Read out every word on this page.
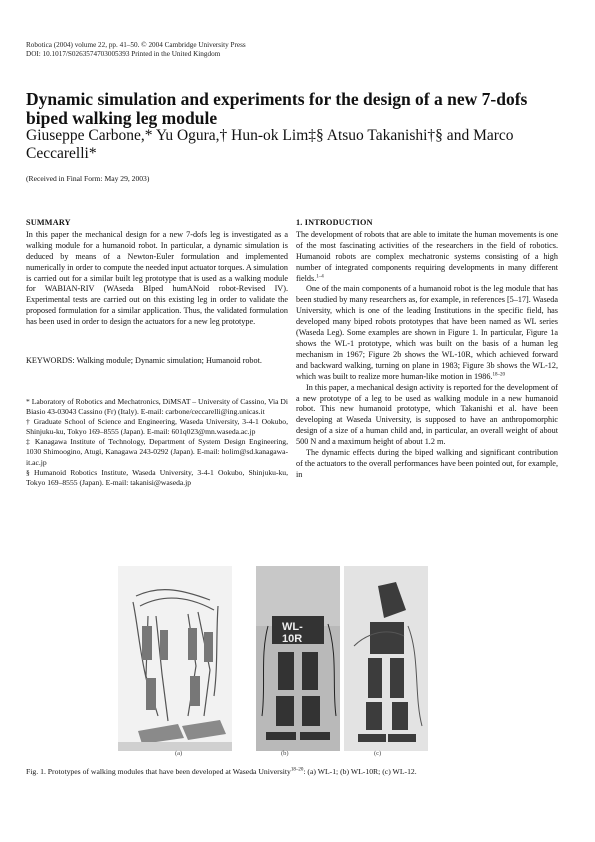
Robotica (2004) volume 22, pp. 41–50. © 2004 Cambridge University Press
DOI: 10.1017/S0263574703005393 Printed in the United Kingdom
Dynamic simulation and experiments for the design of a new 7-dofs biped walking leg module
Giuseppe Carbone,* Yu Ogura,† Hun-ok Lim‡§ Atsuo Takanishi†§ and Marco Ceccarelli*
(Received in Final Form: May 29, 2003)
SUMMARY

In this paper the mechanical design for a new 7-dofs leg is investigated as a walking module for a humanoid robot. In particular, a dynamic simulation is deduced by means of a Newton-Euler formulation and implemented numerically in order to compute the needed input actuator torques. A simulation is carried out for a similar built leg prototype that is used as a walking module for WABIAN-RIV (WAseda BIped humANoid robot-Revised IV). Experimental tests are carried out on this existing leg in order to validate the proposed formulation for a similar application. Thus, the validated formulation has been used in order to design the actuators for a new leg prototype.

KEYWORDS: Walking module; Dynamic simulation; Humanoid robot.

* Laboratory of Robotics and Mechatronics, DiMSAT – University of Cassino, Via Di Biasio 43-03043 Cassino (Fr) (Italy). E-mail: carbone/ceccarelli@ing.unicas.it
† Graduate School of Science and Engineering, Waseda University, 3-4-1 Ookubo, Shinjuku-ku, Tokyo 169–8555 (Japan). E-mail: 601q023@mn.waseda.ac.jp
‡ Kanagawa Institute of Technology, Department of System Design Engineering, 1030 Shimoogino, Atugi, Kanagawa 243-0292 (Japan). E-mail: holim@sd.kanagawa-it.ac.jp
§ Humanoid Robotics Institute, Waseda University, 3-4-1 Ookubo, Shinjuku-ku, Tokyo 169–8555 (Japan). E-mail: takanisi@waseda.jp
1. INTRODUCTION

The development of robots that are able to imitate the human movements is one of the most fascinating activities of the researchers in the field of robotics. Humanoid robots are complex mechatronic systems consisting of a high number of integrated components requiring developments in many different fields.$^{1-4}$

One of the main components of a humanoid robot is the leg module that has been studied by many researchers as, for example, in references [5–17]. Waseda University, which is one of the leading Institutions in the specific field, has developed many biped robots prototypes that have been named as WL series (Waseda Leg). Some examples are shown in Figure 1. In particular, Figure 1a shows the WL-1 prototype, which was built on the basis of a human leg mechanism in 1967; Figure 2b shows the WL-10R, which achieved forward and backward walking, turning on plane in 1983; Figure 3b shows the WL-12, which was built to realize more human-like motion in 1986.$^{18-20}$

In this paper, a mechanical design activity is reported for the development of a new prototype of a leg to be used as walking module in a new humanoid robot. This new humanoid prototype, which Takanishi et al. have been developing at Waseda University, is supposed to have an anthropomorphic design of a size of a human child and, in particular, an overall weight of about 500 N and a maximum height of about 1.2 m.

The dynamic effects during the biped walking and significant contribution of the actuators to the overall performances have been pointed out, for example, in

WL-
10R
(a)	(b)	(c)
Fig. 1. Prototypes of walking modules that have been developed at Waseda University$^{18-20}$: (a) WL-1; (b) WL-10R; (c) WL-12.
